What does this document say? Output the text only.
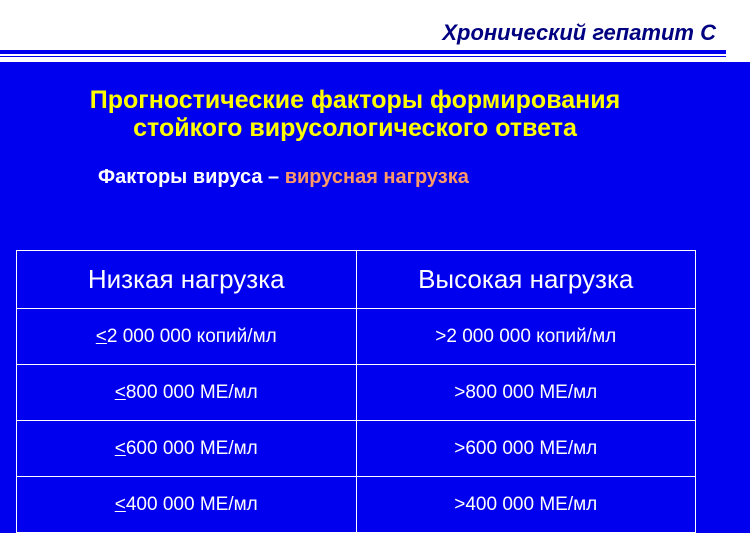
Хронический гепатит С
Прогностические факторы формирования
стойкого вирусологического ответа
Факторы вируса – вирусная нагрузка
Низкая нагрузка	Высокая нагрузка
<2 000 000 копий/мл	>2 000 000 копий/мл
<800 000 МЕ/мл	>800 000 МЕ/мл
<600 000 МЕ/мл	>600 000 МЕ/мл
<400 000 МЕ/мл	>400 000 МЕ/мл
